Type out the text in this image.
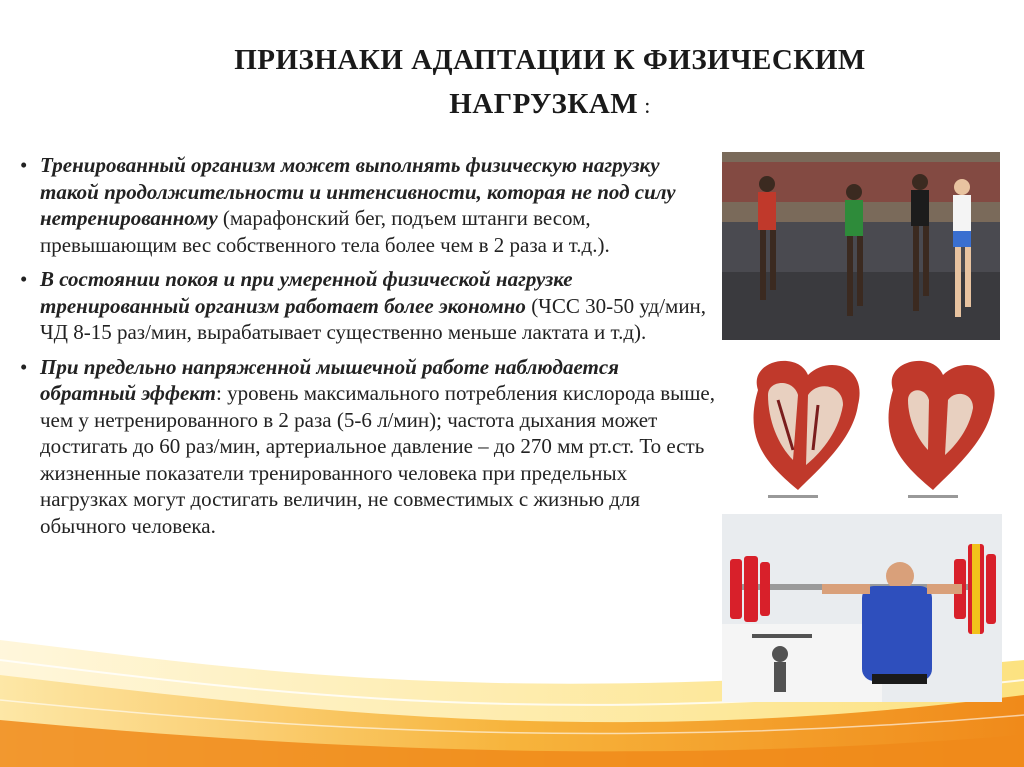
ПРИЗНАКИ АДАПТАЦИИ К ФИЗИЧЕСКИМ
НАГРУЗКАМ :
• Тренированный организм может выполнять физическую нагрузку такой продолжительности и интенсивности, которая не под силу нетренированному (марафонский бег, подъем штанги весом, превышающим вес собственного тела более чем в 2 раза и т.д.).
• В состоянии покоя и при умеренной физической нагрузке тренированный организм работает более экономно (ЧСС 30-50 уд/мин, ЧД 8-15 раз/мин, вырабатывает существенно меньше лактата и т.д).
• При предельно напряженной мышечной работе наблюдается обратный эффект: уровень максимального потребления кислорода выше, чем у нетренированного в 2 раза (5-6 л/мин); частота дыхания может достигать до 60 раз/мин, артериальное давление – до 270 мм рт.ст. То есть жизненные показатели тренированного человека при предельных нагрузках могут достигать величин, не совместимых с жизнью для обычного человека.
